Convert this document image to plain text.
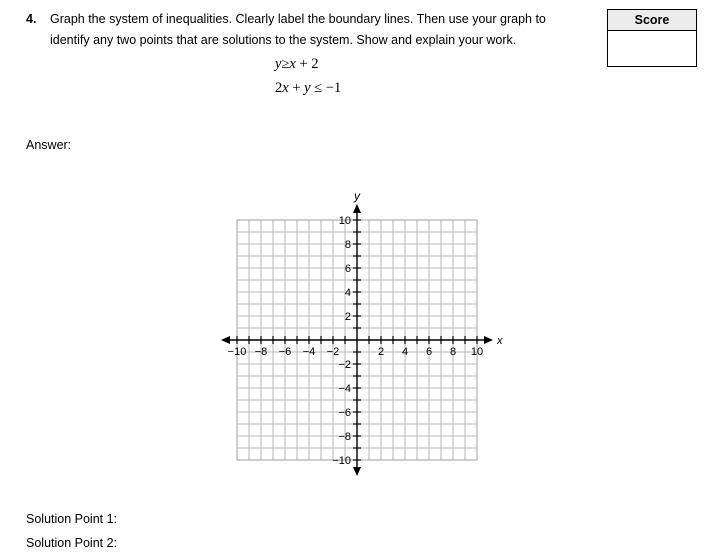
4. Graph the system of inequalities. Clearly label the boundary lines. Then use your graph to
identify any two points that are solutions to the system. Show and explain your work.
y≥x + 2
2x + y ≤ −1
Score
Answer:
−10 −8 −6 −4 −2	2 4 6 8 10
10
8
6
4
2
−2
−4
−6
−8
−10
x
y
Solution Point 1:
Solution Point 2:
